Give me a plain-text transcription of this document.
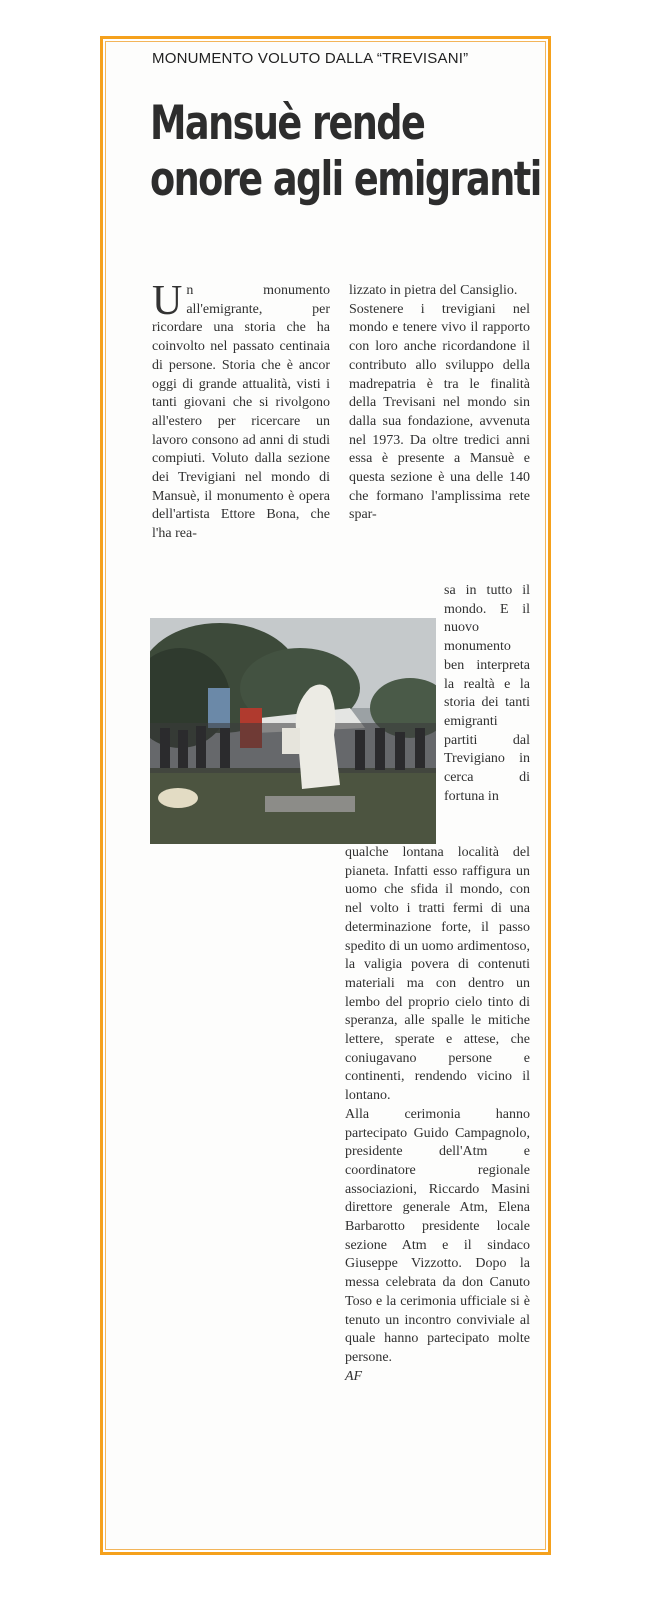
MONUMENTO VOLUTO DALLA “TREVISANI”
Mansuè rende
onore agli emigranti
U n monumento all'emigrante, per ricordare una storia che ha coinvolto nel passato centinaia di persone. Storia che è ancor oggi di grande attualità, visti i tanti giovani che si rivolgono all'estero per ricercare un lavoro consono ad anni di studi compiuti. Voluto dalla sezione dei Trevigiani nel mondo di Mansuè, il monumento è opera dell'artista Ettore Bona, che l'ha rea-

lizzato in pietra del Cansiglio.

Sostenere i trevigiani nel mondo e tenere vivo il rapporto con loro anche ricordandone il contributo allo sviluppo della madrepatria è tra le finalità della Trevisani nel mondo sin dalla sua fondazione, avvenuta nel 1973. Da oltre tredici anni essa è presente a Mansuè e questa sezione è una delle 140 che formano l'amplissima rete spar-

sa in tutto il mondo. E il nuovo monumento ben interpreta la realtà e la storia dei tanti emigranti partiti dal Trevigiano in cerca di fortuna in

qualche lontana località del pianeta. Infatti esso raffigura un uomo che sfida il mondo, con nel volto i tratti fermi di una determinazione forte, il passo spedito di un uomo ardimentoso, la valigia povera di contenuti materiali ma con dentro un lembo del proprio cielo tinto di speranza, alle spalle le mitiche lettere, sperate e attese, che coniugavano persone e continenti, rendendo vicino il lontano.

Alla cerimonia hanno partecipato Guido Campagnolo, presidente dell'Atm e coordinatore regionale associazioni, Riccardo Masini direttore generale Atm, Elena Barbarotto presidente locale sezione Atm e il sindaco Giuseppe Vizzotto. Dopo la messa celebrata da don Canuto Toso e la cerimonia ufficiale si è tenuto un incontro conviviale al quale hanno partecipato molte persone.

AF
